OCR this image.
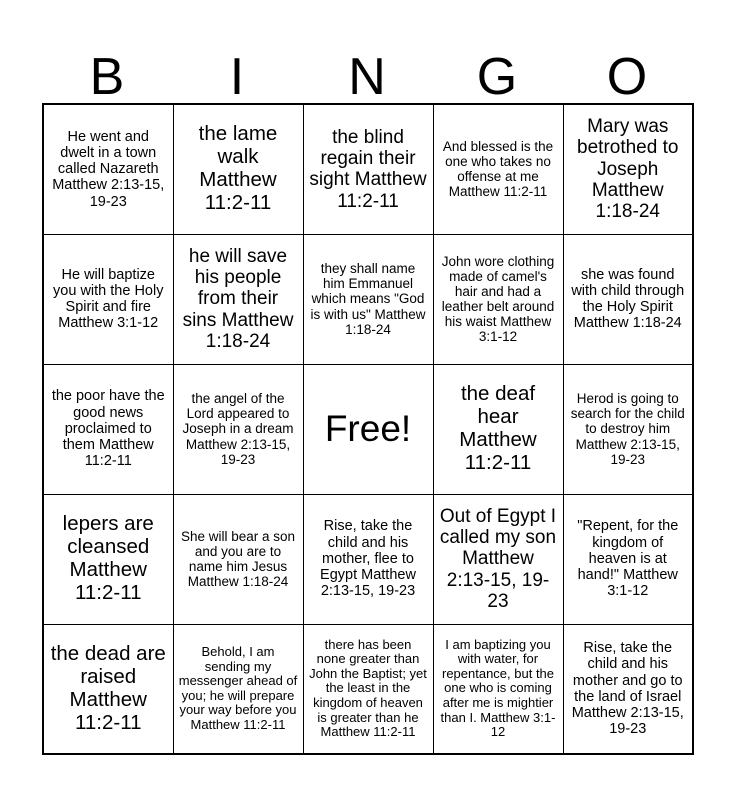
B	I	N	G	O
He went and dwelt in a town called Nazareth Matthew 2:13-15, 19-23	the lame walk Matthew 11:2-11	the blind regain their sight Matthew 11:2-11	And blessed is the one who takes no offense at me Matthew 11:2-11	Mary was betrothed to Joseph Matthew 1:18-24
He will baptize you with the Holy Spirit and fire Matthew 3:1-12	he will save his people from their sins Matthew 1:18-24	they shall name him Emmanuel which means "God is with us" Matthew 1:18-24	John wore clothing made of camel's hair and had a leather belt around his waist Matthew 3:1-12	she was found with child through the Holy Spirit Matthew 1:18-24
the poor have the good news proclaimed to them Matthew 11:2-11	the angel of the Lord appeared to Joseph in a dream Matthew 2:13-15, 19-23	Free!	the deaf hear Matthew 11:2-11	Herod is going to search for the child to destroy him Matthew 2:13-15, 19-23
lepers are cleansed Matthew 11:2-11	She will bear a son and you are to name him Jesus Matthew 1:18-24	Rise, take the child and his mother, flee to Egypt Matthew 2:13-15, 19-23	Out of Egypt I called my son Matthew 2:13-15, 19-23	"Repent, for the kingdom of heaven is at hand!" Matthew 3:1-12
the dead are raised Matthew 11:2-11	Behold, I am sending my messenger ahead of you; he will prepare your way before you Matthew 11:2-11	there has been none greater than John the Baptist; yet the least in the kingdom of heaven is greater than he Matthew 11:2-11	I am baptizing you with water, for repentance, but the one who is coming after me is mightier than I. Matthew 3:1-12	Rise, take the child and his mother and go to the land of Israel Matthew 2:13-15, 19-23
